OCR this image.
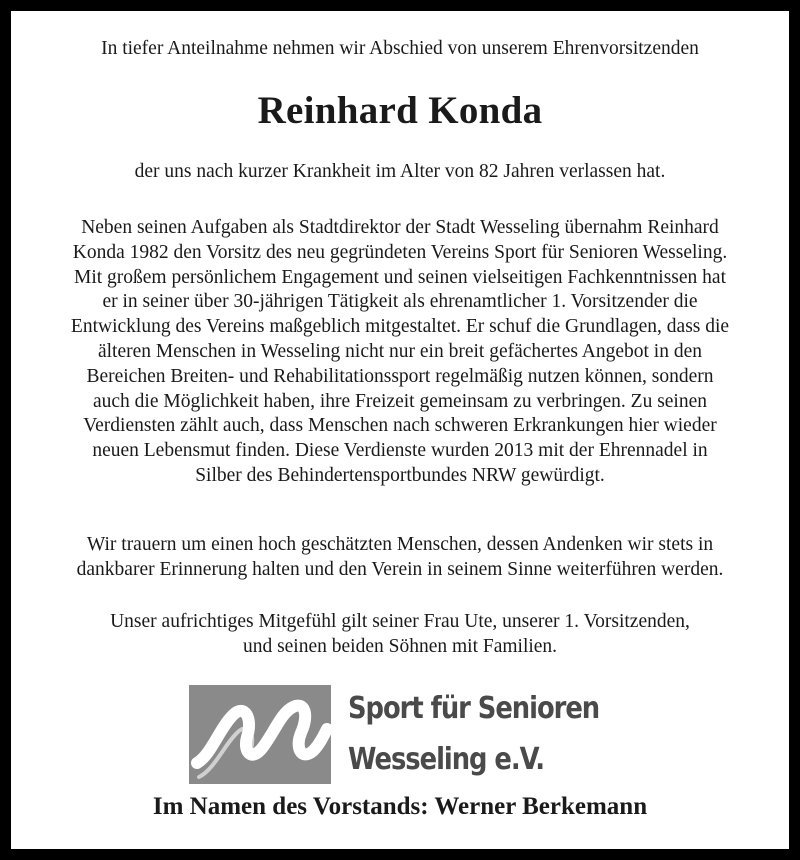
In tiefer Anteilnahme nehmen wir Abschied von unserem Ehrenvorsitzenden
Reinhard Konda
der uns nach kurzer Krankheit im Alter von 82 Jahren verlassen hat.
Neben seinen Aufgaben als Stadtdirektor der Stadt Wesseling übernahm Reinhard
Konda 1982 den Vorsitz des neu gegründeten Vereins Sport für Senioren Wesseling.
Mit großem persönlichem Engagement und seinen vielseitigen Fachkenntnissen hat
er in seiner über 30-jährigen Tätigkeit als ehrenamtlicher 1. Vorsitzender die
Entwicklung des Vereins maßgeblich mitgestaltet. Er schuf die Grundlagen, dass die
älteren Menschen in Wesseling nicht nur ein breit gefächertes Angebot in den
Bereichen Breiten- und Rehabilitationssport regelmäßig nutzen können, sondern
auch die Möglichkeit haben, ihre Freizeit gemeinsam zu verbringen. Zu seinen
Verdiensten zählt auch, dass Menschen nach schweren Erkrankungen hier wieder
neuen Lebensmut finden. Diese Verdienste wurden 2013 mit der Ehrennadel in
Silber des Behindertensportbundes NRW gewürdigt.
Wir trauern um einen hoch geschätzten Menschen, dessen Andenken wir stets in
dankbarer Erinnerung halten und den Verein in seinem Sinne weiterführen werden.
Unser aufrichtiges Mitgefühl gilt seiner Frau Ute, unserer 1. Vorsitzenden,
und seinen beiden Söhnen mit Familien.
Sport für Senioren
Wesseling e.V.
Im Namen des Vorstands: Werner Berkemann
